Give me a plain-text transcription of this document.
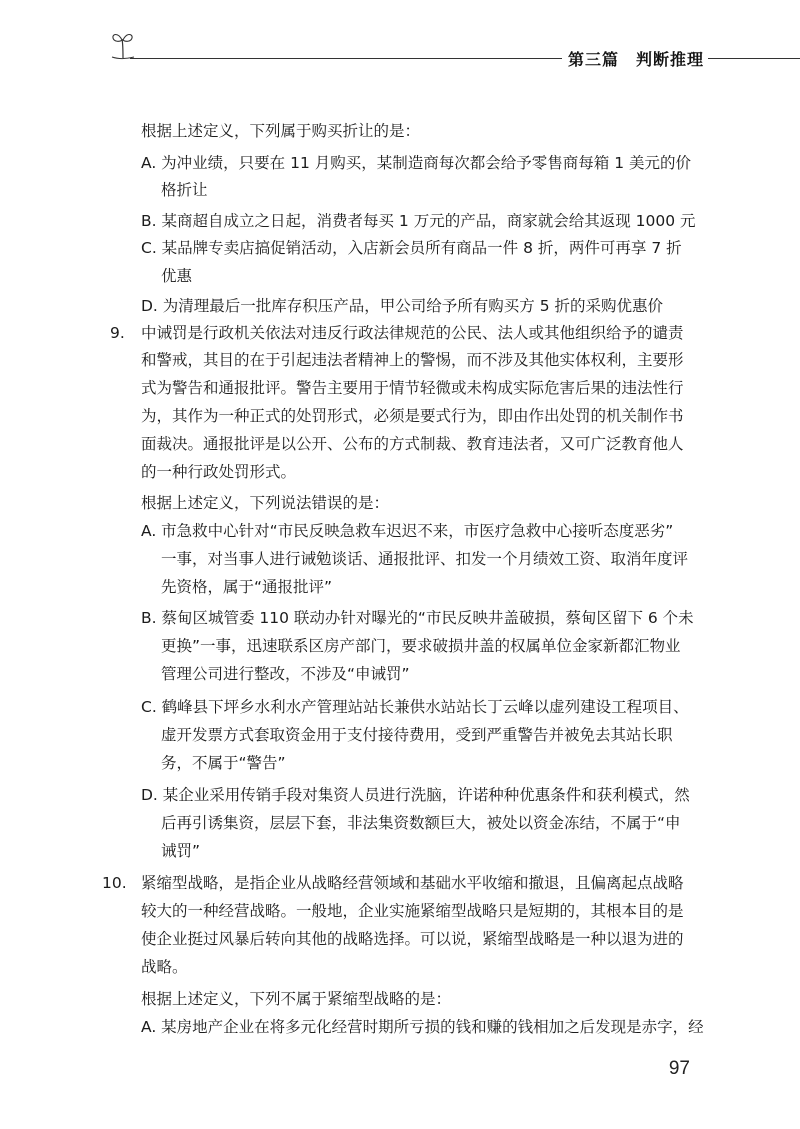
第三篇　判断推理
根据上述定义，下列属于购买折让的是：
A. 为冲业绩，只要在 11 月购买，某制造商每次都会给予零售商每箱 1 美元的价
格折让
B. 某商超自成立之日起，消费者每买 1 万元的产品，商家就会给其返现 1000 元
C. 某品牌专卖店搞促销活动，入店新会员所有商品一件 8 折，两件可再享 7 折
优惠
D. 为清理最后一批库存积压产品，甲公司给予所有购买方 5 折的采购优惠价
9. 中诫罚是行政机关依法对违反行政法律规范的公民、法人或其他组织给予的谴责
和警戒，其目的在于引起违法者精神上的警惕，而不涉及其他实体权利，主要形
式为警告和通报批评。警告主要用于情节轻微或未构成实际危害后果的违法性行
为，其作为一种正式的处罚形式，必须是要式行为，即由作出处罚的机关制作书
面裁决。通报批评是以公开、公布的方式制裁、教育违法者，又可广泛教育他人
的一种行政处罚形式。
根据上述定义，下列说法错误的是：
A. 市急救中心针对“市民反映急救车迟迟不来，市医疗急救中心接听态度恶劣”
一事，对当事人进行诫勉谈话、通报批评、扣发一个月绩效工资、取消年度评
先资格，属于“通报批评”
B. 蔡甸区城管委 110 联动办针对曝光的“市民反映井盖破损，蔡甸区留下 6 个未
更换”一事，迅速联系区房产部门，要求破损井盖的权属单位金家新都汇物业
管理公司进行整改，不涉及“申诫罚”
C. 鹤峰县下坪乡水利水产管理站站长兼供水站站长丁云峰以虚列建设工程项目、
虚开发票方式套取资金用于支付接待费用，受到严重警告并被免去其站长职
务，不属于“警告”
D. 某企业采用传销手段对集资人员进行洗脑，许诺种种优惠条件和获利模式，然
后再引诱集资，层层下套，非法集资数额巨大，被处以资金冻结，不属于“申
诫罚”
10. 紧缩型战略，是指企业从战略经营领域和基础水平收缩和撤退，且偏离起点战略
较大的一种经营战略。一般地，企业实施紧缩型战略只是短期的，其根本目的是
使企业挺过风暴后转向其他的战略选择。可以说，紧缩型战略是一种以退为进的
战略。
根据上述定义，下列不属于紧缩型战略的是：
A. 某房地产企业在将多元化经营时期所亏损的钱和赚的钱相加之后发现是赤字，经
97
